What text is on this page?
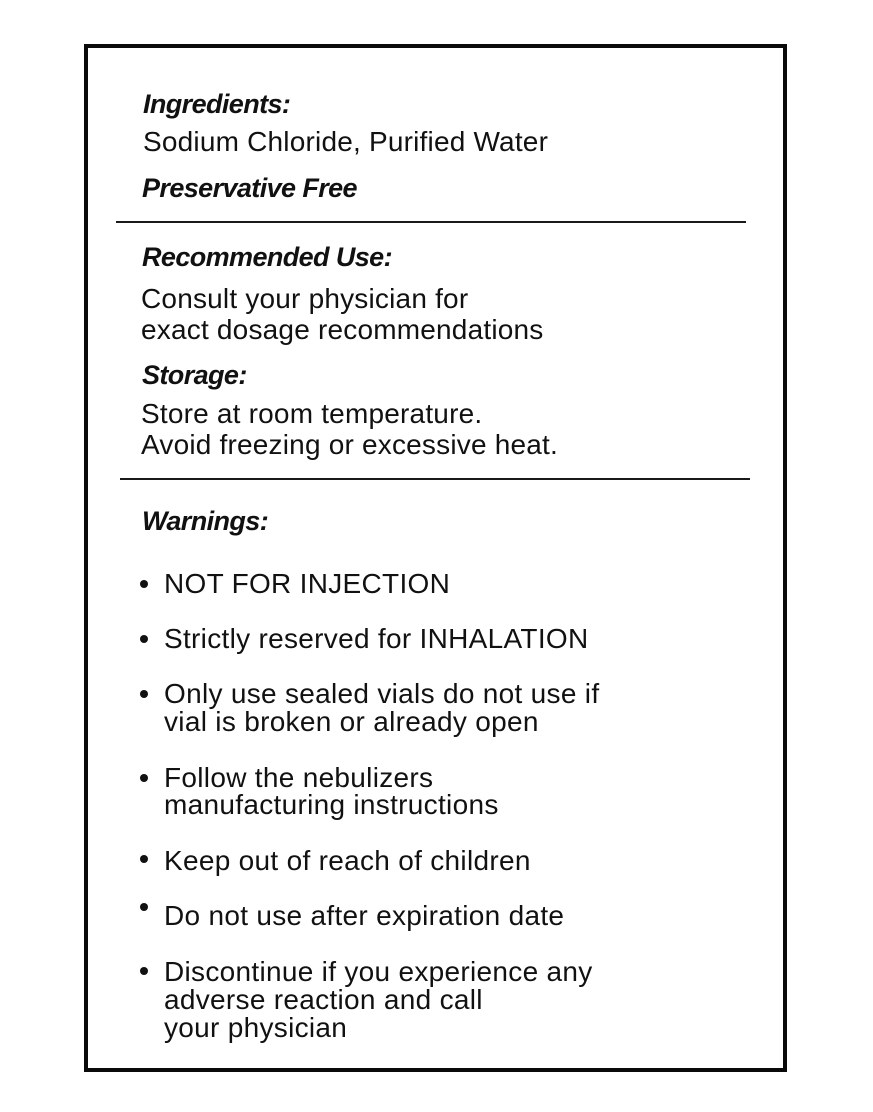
Ingredients:
Sodium Chloride, Purified Water
Preservative Free
Recommended Use:
Consult your physician for
exact dosage recommendations
Storage:
Store at room temperature.
Avoid freezing or excessive heat.
Warnings:
NOT FOR INJECTION
Strictly reserved for INHALATION
Only use sealed vials do not use if
vial is broken or already open
Follow the nebulizers
manufacturing instructions
Keep out of reach of children
Do not use after expiration date
Discontinue if you experience any
adverse reaction and call
your physician
